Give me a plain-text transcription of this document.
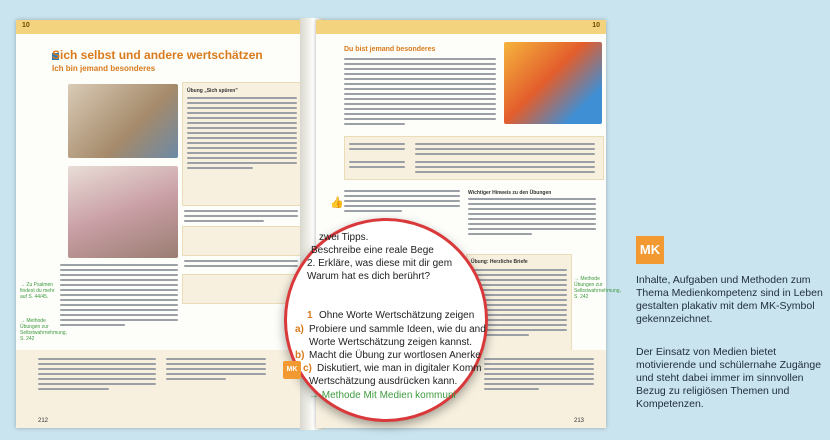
10
Sich selbst und andere wertschätzen
Ich bin jemand besonderes
Übung „Sich spüren"
→ Zu Psalmen findest du mehr auf S. 44/45.
→ Methode Übungen zur Selbstwahrnehmung, S. 242
212
10
Du bist jemand besonderes
👍
Wichtiger Hinweis zu den Übungen
Übung: Herzliche Briefe
→ Methode Übungen zur Selbstwahrnehmung, S. 242
213
zwei Tipps.
Beschreibe eine reale Bege
2. Erkläre, was diese mit dir gem
Warum hat es dich berührt?
1 Ohne Worte Wertschätzung zeigen
a) Probiere und sammle Ideen, wie du and
Worte Wertschätzung zeigen kannst.
b) Macht die Übung zur wortlosen Anerke
MK c) Diskutiert, wie man in digitaler Komm
Wertschätzung ausdrücken kann.
→ Methode Mit Medien kommuni
MK

Inhalte, Aufgaben und Methoden zum Thema Medienkompetenz sind in Leben gestalten plakativ mit dem MK-Symbol gekennzeichnet.

Der Einsatz von Medien bietet motivierende und schülernahe Zugänge und steht dabei immer im sinnvollen Bezug zu religiösen Themen und Kompetenzen.
